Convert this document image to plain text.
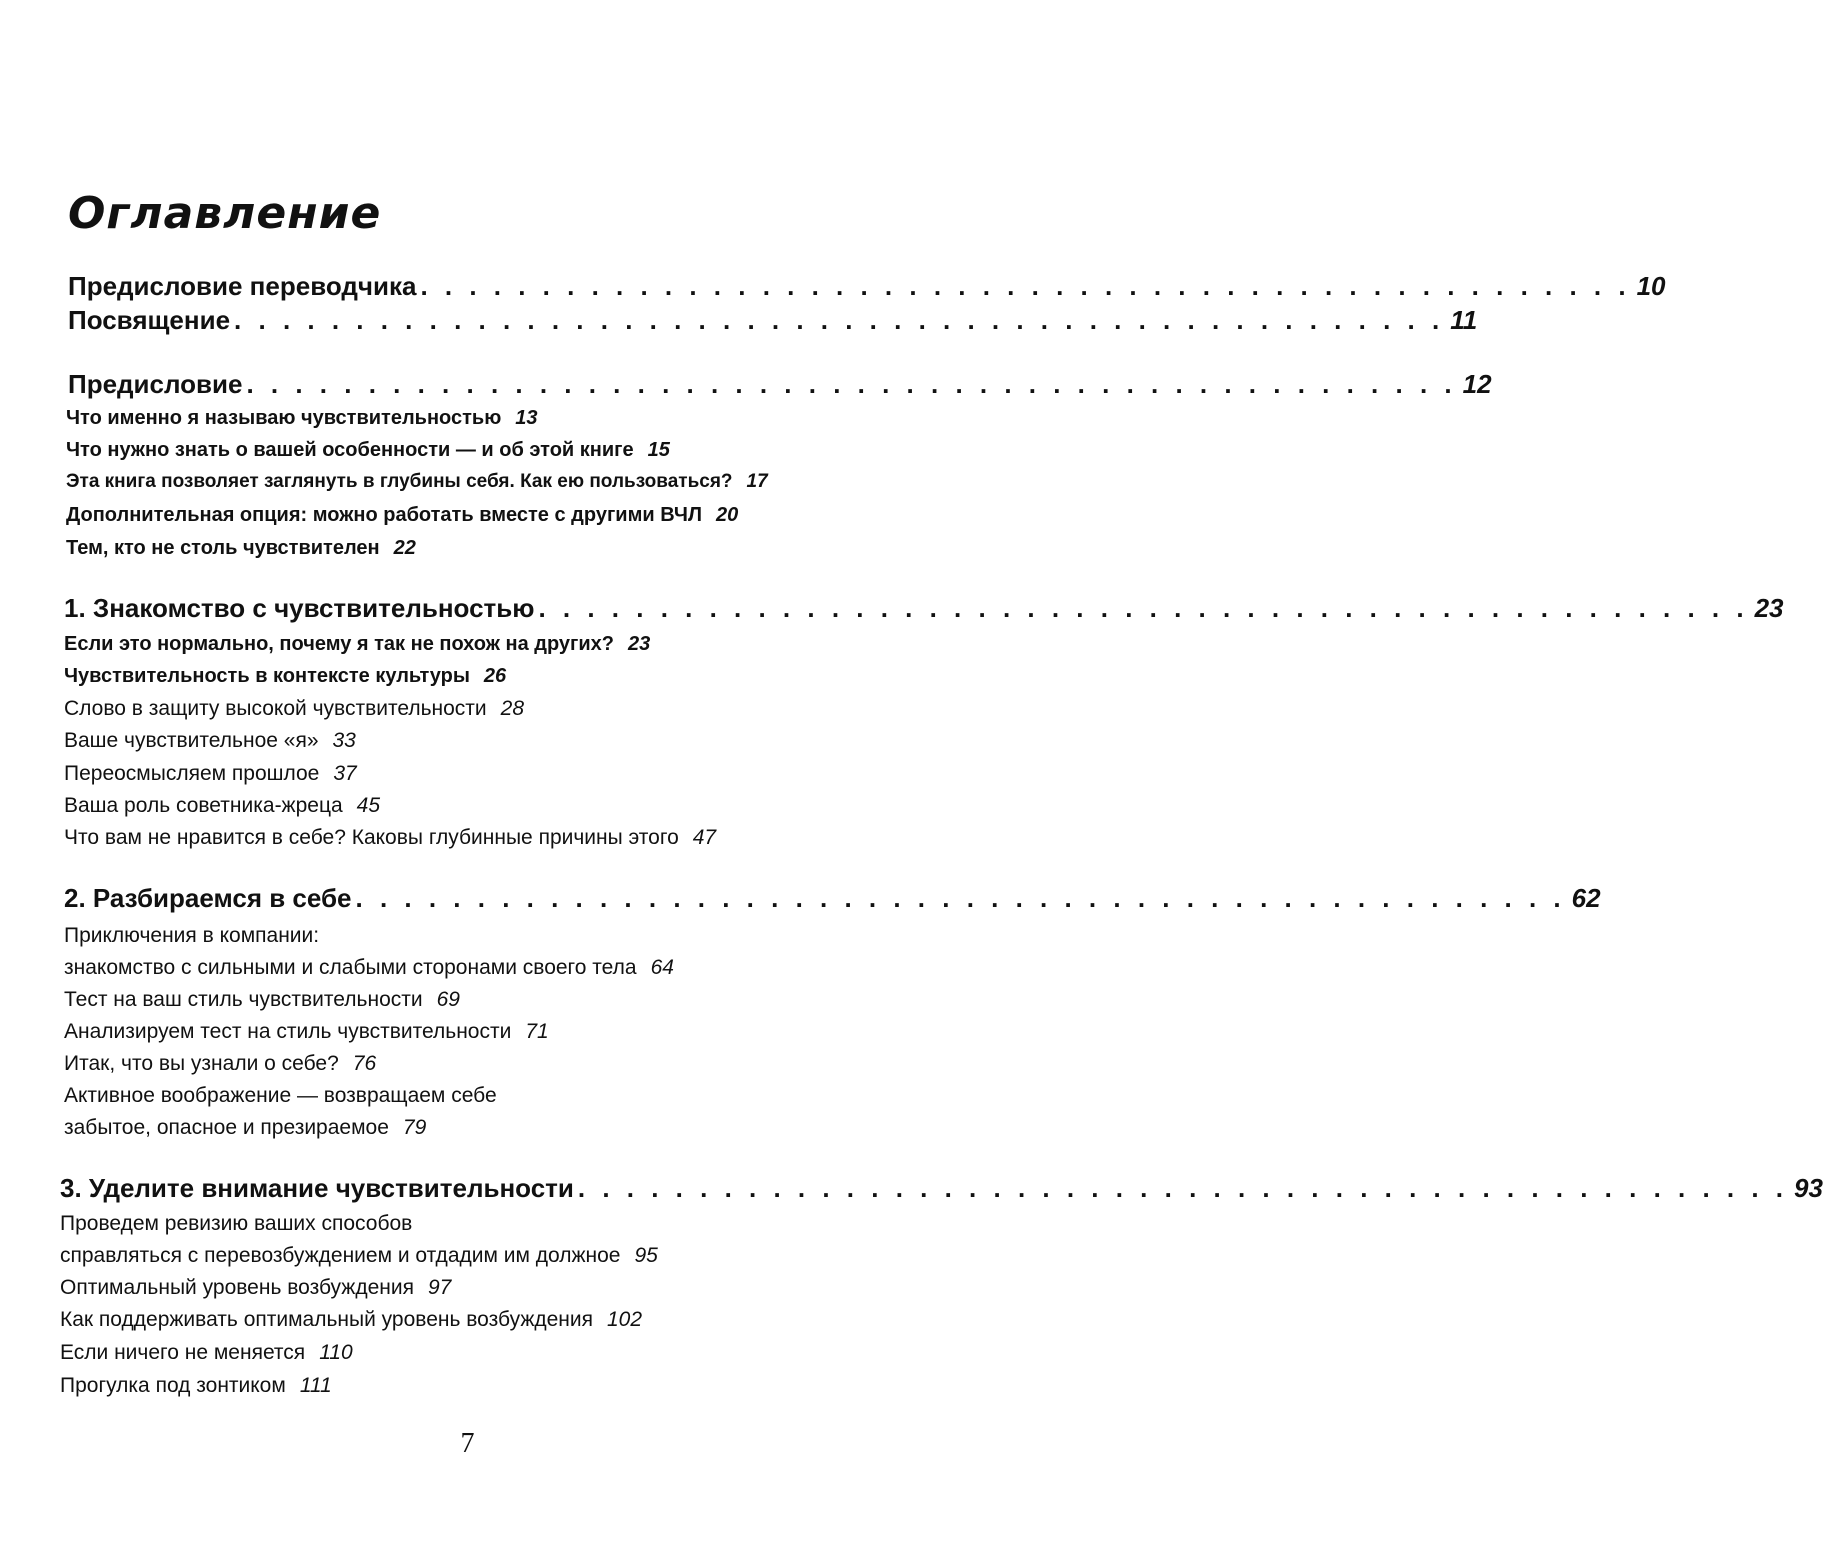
Оглавление
Предисловие переводчика . . . . . . . . . . . . . . . . . . . . . . . . . . . . . . . . . . . . . . . . . . . . . . . . . . 10
Посвящение . . . . . . . . . . . . . . . . . . . . . . . . . . . . . . . . . . . . . . . . . . . . . . . . . . 11
Предисловие . . . . . . . . . . . . . . . . . . . . . . . . . . . . . . . . . . . . . . . . . . . . . . . . . . 12
1. Знакомство с чувствительностью . . . . . . . . . . . . . . . . . . . . . . . . . . . . . . . . . . . . . . . . . . . . . . . . . . 23
2. Разбираемся в себе . . . . . . . . . . . . . . . . . . . . . . . . . . . . . . . . . . . . . . . . . . . . . . . . . . 62
3. Уделите внимание чувствительности . . . . . . . . . . . . . . . . . . . . . . . . . . . . . . . . . . . . . . . . . . . . . . . . . . 93
Что именно я называю чувствительностью 13
Что нужно знать о вашей особенности — и об этой книге 15
Эта книга позволяет заглянуть в глубины себя. Как ею пользоваться? 17
Дополнительная опция: можно работать вместе с другими ВЧЛ 20
Тем, кто не столь чувствителен 22
Если это нормально, почему я так не похож на других? 23
Чувствительность в контексте культуры 26
Слово в защиту высокой чувствительности 28
Ваше чувствительное «я» 33
Переосмысляем прошлое 37
Ваша роль советника-жреца 45
Что вам не нравится в себе? Каковы глубинные причины этого 47
Приключения в компании:
знакомство с сильными и слабыми сторонами своего тела 64
Тест на ваш стиль чувствительности 69
Анализируем тест на стиль чувствительности 71
Итак, что вы узнали о себе? 76
Активное воображение — возвращаем себе
забытое, опасное и презираемое 79
Проведем ревизию ваших способов
справляться с перевозбуждением и отдадим им должное 95
Оптимальный уровень возбуждения 97
Как поддерживать оптимальный уровень возбуждения 102
Если ничего не меняется 110
Прогулка под зонтиком 111
7
